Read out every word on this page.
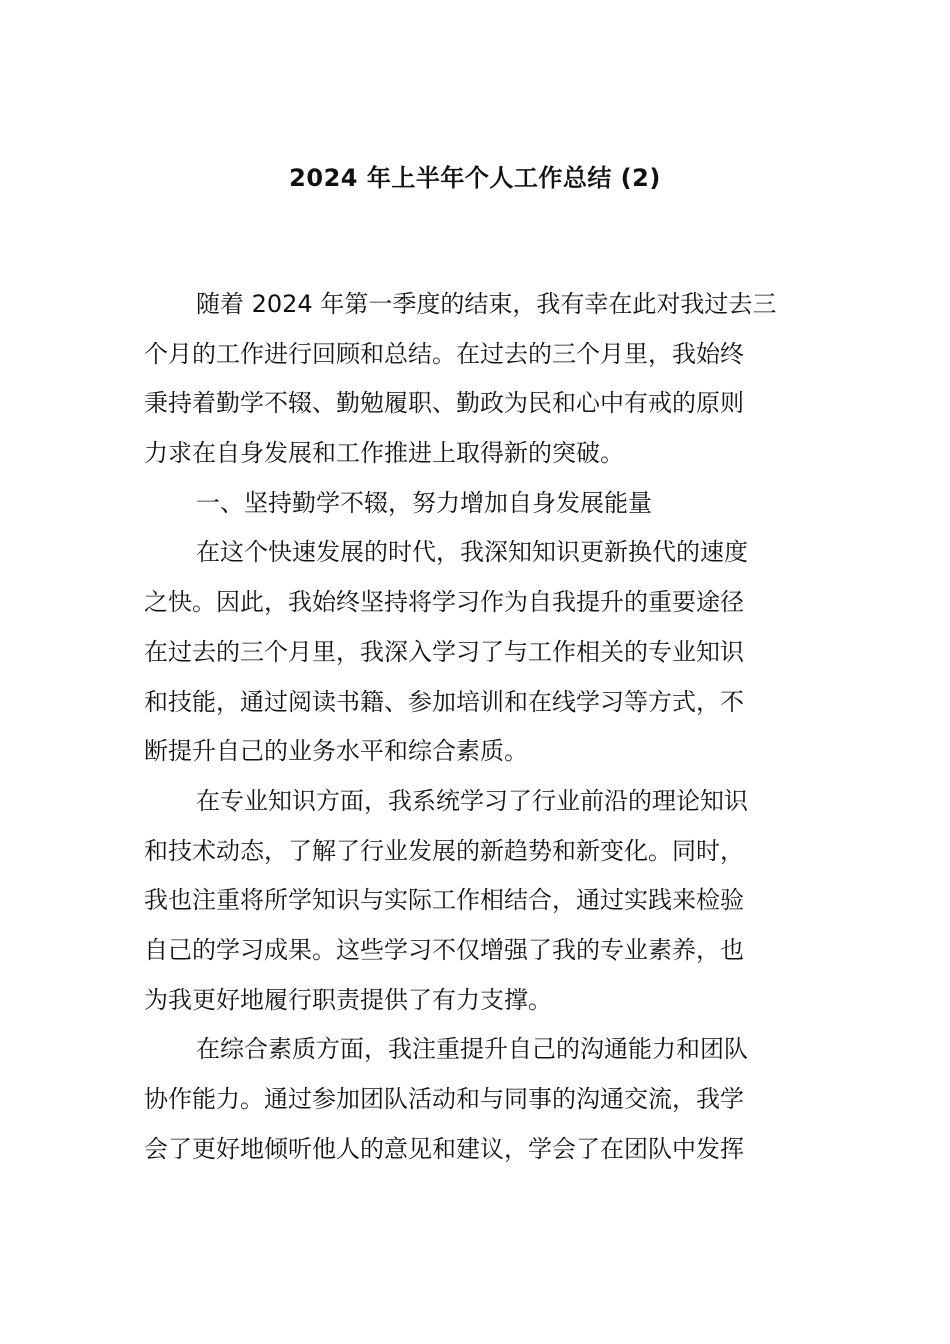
2024 年上半年个人工作总结 (2)
随着 2024 年第一季度的结束，我有幸在此对我过去三
个月的工作进行回顾和总结。在过去的三个月里，我始终
秉持着勤学不辍、勤勉履职、勤政为民和心中有戒的原则
力求在自身发展和工作推进上取得新的突破。
一、坚持勤学不辍，努力增加自身发展能量
在这个快速发展的时代，我深知知识更新换代的速度
之快。因此，我始终坚持将学习作为自我提升的重要途径
在过去的三个月里，我深入学习了与工作相关的专业知识
和技能，通过阅读书籍、参加培训和在线学习等方式，不
断提升自己的业务水平和综合素质。
在专业知识方面，我系统学习了行业前沿的理论知识
和技术动态，了解了行业发展的新趋势和新变化。同时，
我也注重将所学知识与实际工作相结合，通过实践来检验
自己的学习成果。这些学习不仅增强了我的专业素养，也
为我更好地履行职责提供了有力支撑。
在综合素质方面，我注重提升自己的沟通能力和团队
协作能力。通过参加团队活动和与同事的沟通交流，我学
会了更好地倾听他人的意见和建议，学会了在团队中发挥
